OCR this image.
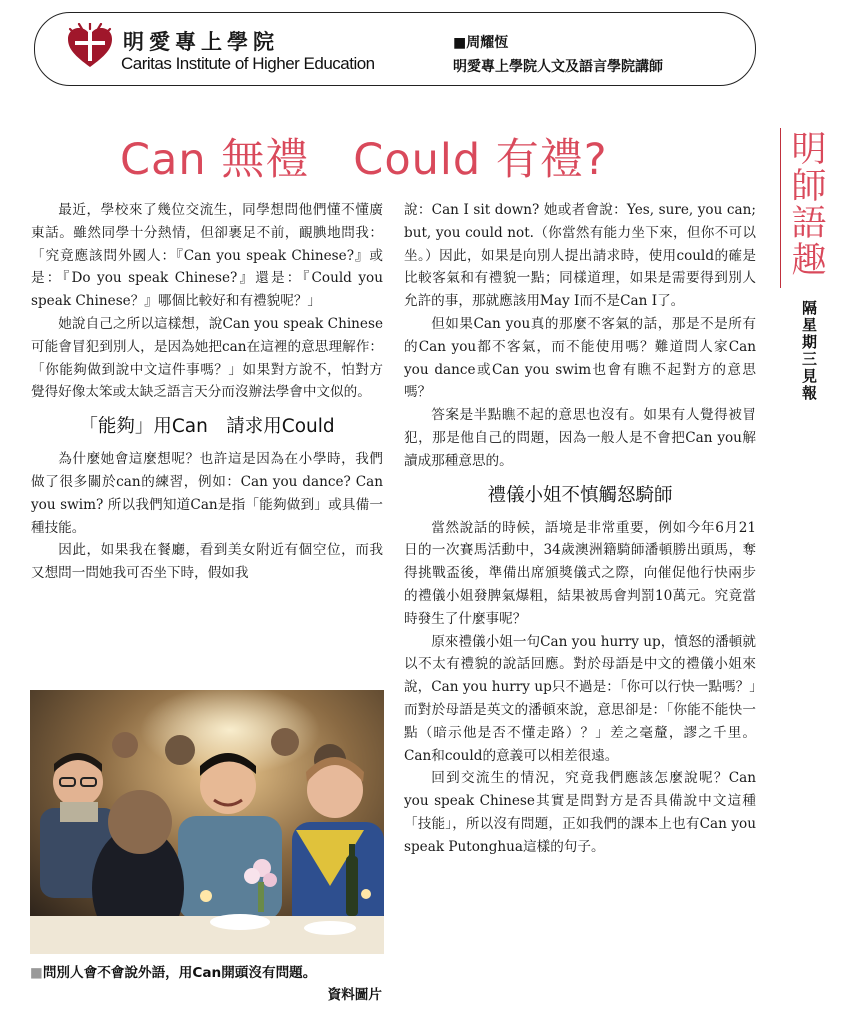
明愛專上學院
Caritas Institute of Higher Education
■周耀恆
明愛專上學院人文及語言學院講師
Can 無禮　Could 有禮?	明師語趣
隔星期三見報

最近，學校來了幾位交流生，同學想問他們懂不懂廣東話。雖然同學十分熱情，但卻裹足不前，靦腆地問我：「究竟應該問外國人：『Can you speak Chinese?』或是：『Do you speak Chinese?』還是：『Could you speak Chinese？』哪個比較好和有禮貌呢？」

她說自己之所以這樣想，說Can you speak Chinese可能會冒犯到別人，是因為她把can在這裡的意思理解作：「你能夠做到說中文這件事嗎？」如果對方說不，怕對方覺得好像太笨或太缺乏語言天分而沒辦法學會中文似的。

「能夠」用Can　請求用Could

為什麼她會這麼想呢？也許這是因為在小學時，我們做了很多關於can的練習，例如：Can you dance? Can you swim? 所以我們知道Can是指「能夠做到」或具備一種技能。

因此，如果我在餐廳，看到美女附近有個空位，而我又想問一問她我可否坐下時，假如我

說：Can I sit down? 她或者會說：Yes, sure, you can; but, you could not.（你當然有能力坐下來，但你不可以坐。）因此，如果是向別人提出請求時，使用could的確是比較客氣和有禮貌一點；同樣道理，如果是需要得到別人允許的事，那就應該用May I而不是Can I了。

但如果Can you真的那麼不客氣的話，那是不是所有的Can you都不客氣，而不能使用嗎？難道問人家Can you dance或Can you swim也會有瞧不起對方的意思嗎？

答案是半點瞧不起的意思也沒有。如果有人覺得被冒犯，那是他自己的問題，因為一般人是不會把Can you解讀成那種意思的。

禮儀小姐不慎觸怒騎師

當然說話的時候，語境是非常重要，例如今年6月21日的一次賽馬活動中，34歲澳洲籍騎師潘頓勝出頭馬，奪得挑戰盃後，準備出席頒獎儀式之際，向催促他行快兩步的禮儀小姐發脾氣爆粗，結果被馬會判罰10萬元。究竟當時發生了什麼事呢？

原來禮儀小姐一句Can you hurry up，憤怒的潘頓就以不太有禮貌的說話回應。對於母語是中文的禮儀小姐來說，Can you hurry up只不過是：「你可以行快一點嗎？」而對於母語是英文的潘頓來說，意思卻是：「你能不能快一點（暗示他是否不懂走路）？」差之毫釐，謬之千里。Can和could的意義可以相差很遠。

回到交流生的情況，究竟我們應該怎麼說呢？Can you speak Chinese其實是問對方是否具備說中文這種「技能」，所以沒有問題，正如我們的課本上也有Can you speak Putonghua這樣的句子。

■問別人會不會說外語，用Can開頭沒有問題。
資料圖片
